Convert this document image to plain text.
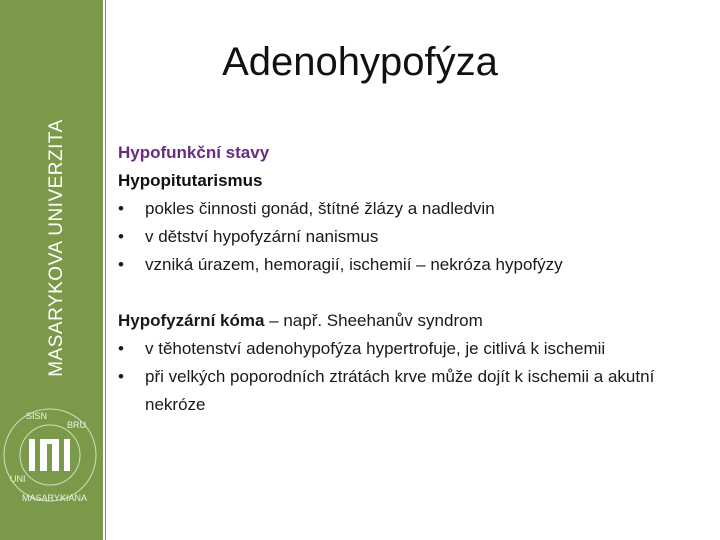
MASARYKOVA UNIVERZITA
UNI
SISN
BRU
KIANA
MASARY
Adenohypofýza
Hypofunkční stavy
Hypopitutarismus
•	pokles činnosti gonád, štítné žlázy a nadledvin
•	v dětství hypofyzární nanismus
•	vzniká úrazem, hemoragií, ischemií – nekróza hypofýzy
Hypofyzární kóma – např. Sheehanův syndrom
•	v těhotenství adenohypofýza hypertrofuje, je citlivá k ischemii
•	při velkých poporodních ztrátách krve může dojít k ischemii a akutní nekróze
